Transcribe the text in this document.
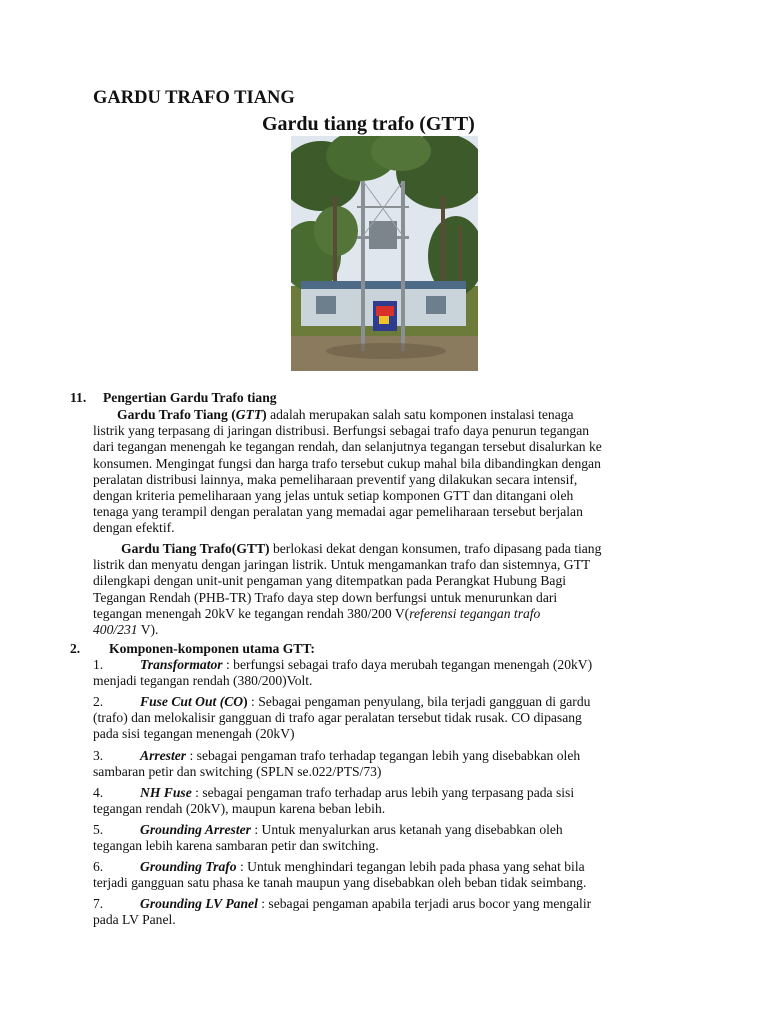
GARDU TRAFO TIANG
Gardu tiang trafo (GTT)
11. Pengertian Gardu Trafo tiang
Gardu Trafo Tiang (GTT) adalah merupakan salah satu komponen instalasi tenaga
listrik yang terpasang di jaringan distribusi. Berfungsi sebagai trafo daya penurun tegangan
dari tegangan menengah ke tegangan rendah, dan selanjutnya tegangan tersebut disalurkan ke
konsumen. Mengingat fungsi dan harga trafo tersebut cukup mahal bila dibandingkan dengan
peralatan distribusi lainnya, maka pemeliharaan preventif yang dilakukan secara intensif,
dengan kriteria pemeliharaan yang jelas untuk setiap komponen GTT dan ditangani oleh
tenaga yang terampil dengan peralatan yang memadai agar pemeliharaan tersebut berjalan
dengan efektif.
Gardu Tiang Trafo(GTT) berlokasi dekat dengan konsumen, trafo dipasang pada tiang
listrik dan menyatu dengan jaringan listrik. Untuk mengamankan trafo dan sistemnya, GTT
dilengkapi dengan unit-unit pengaman yang ditempatkan pada Perangkat Hubung Bagi
Tegangan Rendah (PHB-TR) Trafo daya step down berfungsi untuk menurunkan dari
tegangan menengah 20kV ke tegangan rendah 380/200 V(referensi tegangan trafo
400/231 V).
2. Komponen-komponen utama GTT:
1.	Transformator : berfungsi sebagai trafo daya merubah tegangan menengah (20kV)
menjadi tegangan rendah (380/200)Volt.
2.	Fuse Cut Out (CO) : Sebagai pengaman penyulang, bila terjadi gangguan di gardu
(trafo) dan melokalisir gangguan di trafo agar peralatan tersebut tidak rusak. CO dipasang
pada sisi tegangan menengah (20kV)
3.	Arrester : sebagai pengaman trafo terhadap tegangan lebih yang disebabkan oleh
sambaran petir dan switching (SPLN se.022/PTS/73)
4.	NH Fuse : sebagai pengaman trafo terhadap arus lebih yang terpasang pada sisi
tegangan rendah (20kV), maupun karena beban lebih.
5.	Grounding Arrester : Untuk menyalurkan arus ketanah yang disebabkan oleh
tegangan lebih karena sambaran petir dan switching.
6.	Grounding Trafo : Untuk menghindari tegangan lebih pada phasa yang sehat bila
terjadi gangguan satu phasa ke tanah maupun yang disebabkan oleh beban tidak seimbang.
7.	Grounding LV Panel : sebagai pengaman apabila terjadi arus bocor yang mengalir
pada LV Panel.
